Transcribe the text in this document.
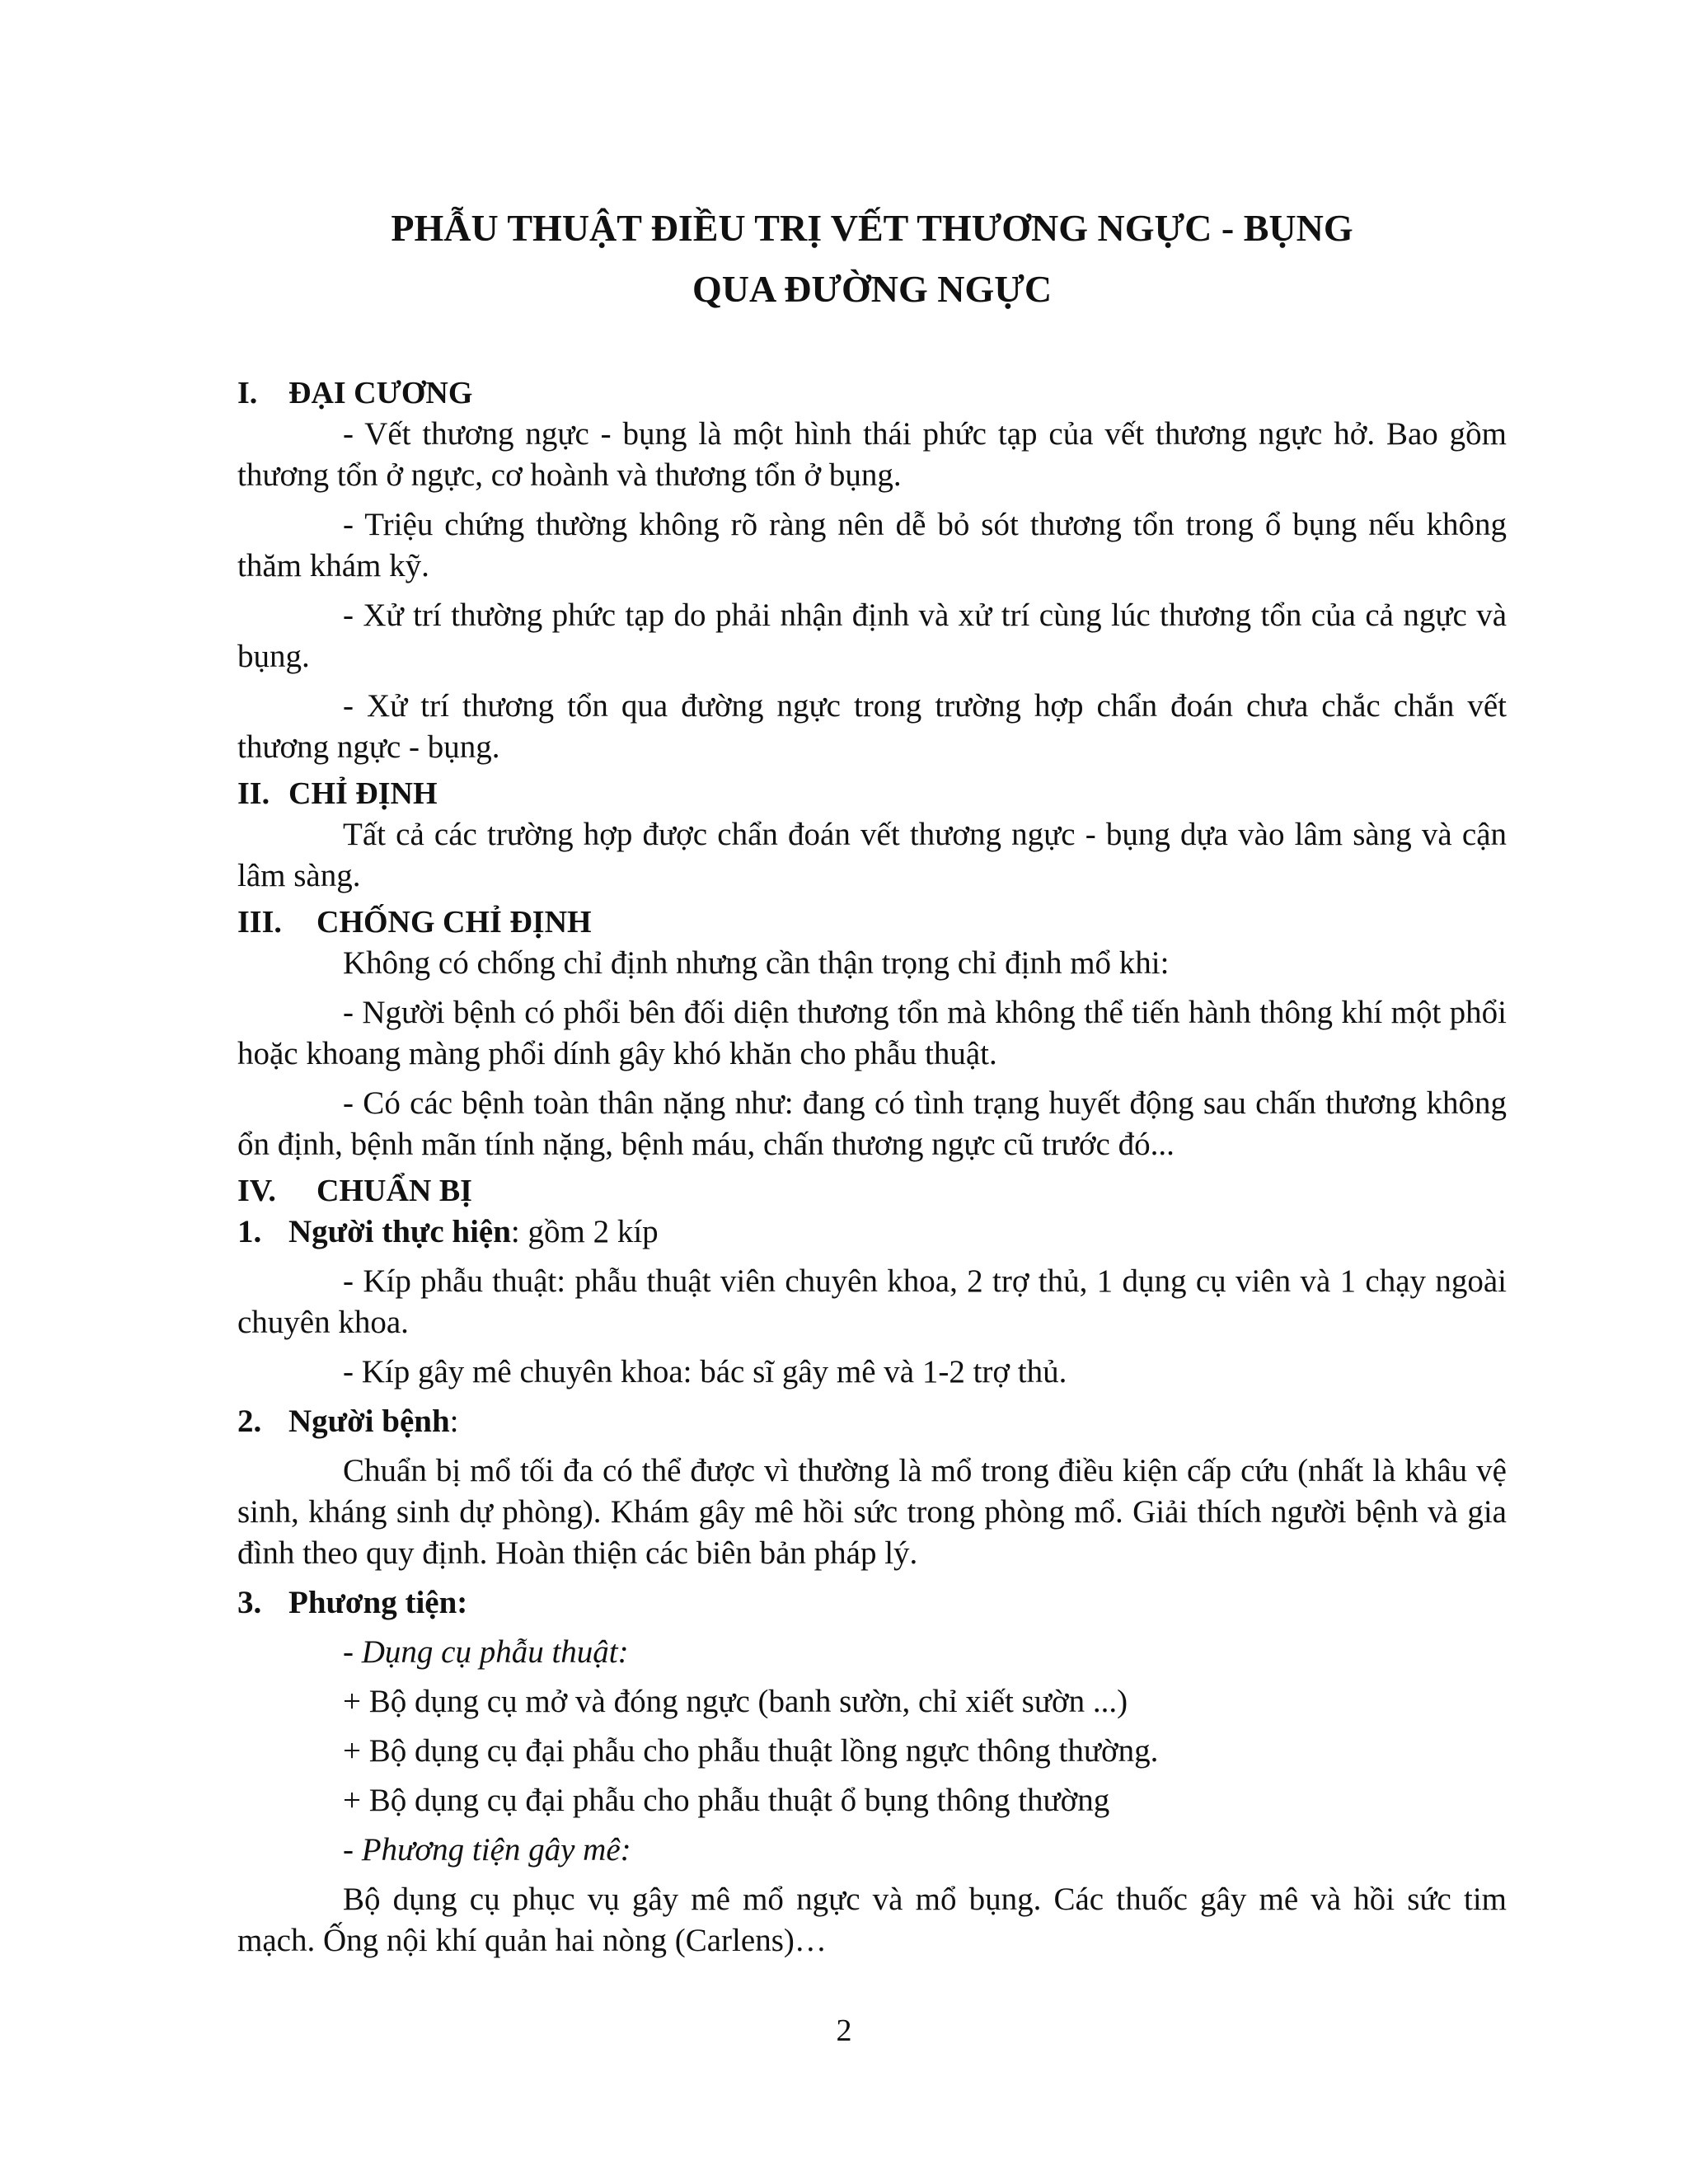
PHẪU THUẬT ĐIỀU TRỊ VẾT THƯƠNG NGỰC - BỤNG
QUA ĐƯỜNG NGỰC
I. ĐẠI CƯƠNG

- Vết thương ngực - bụng là một hình thái phức tạp của vết thương ngực hở. Bao gồm thương tổn ở ngực, cơ hoành và thương tổn ở bụng.

- Triệu chứng thường không rõ ràng nên dễ bỏ sót thương tổn trong ổ bụng nếu không thăm khám kỹ.

- Xử trí thường phức tạp do phải nhận định và xử trí cùng lúc thương tổn của cả ngực và bụng.

- Xử trí thương tổn qua đường ngực trong trường hợp chẩn đoán chưa chắc chắn vết thương ngực - bụng.

II. CHỈ ĐỊNH

Tất cả các trường hợp được chẩn đoán vết thương ngực - bụng dựa vào lâm sàng và cận lâm sàng.

III.	CHỐNG CHỈ ĐỊNH

Không có chống chỉ định nhưng cần thận trọng chỉ định mổ khi:

- Người bệnh có phổi bên đối diện thương tổn mà không thể tiến hành thông khí một phổi hoặc khoang màng phổi dính gây khó khăn cho phẫu thuật.

- Có các bệnh toàn thân nặng như: đang có tình trạng huyết động sau chấn thương không ổn định, bệnh mãn tính nặng, bệnh máu, chấn thương ngực cũ trước đó...

IV.	CHUẨN BỊ
1. Người thực hiện: gồm 2 kíp

- Kíp phẫu thuật: phẫu thuật viên chuyên khoa, 2 trợ thủ, 1 dụng cụ viên và 1 chạy ngoài chuyên khoa.

- Kíp gây mê chuyên khoa: bác sĩ gây mê và 1-2 trợ thủ.

2. Người bệnh:

Chuẩn bị mổ tối đa có thể được vì thường là mổ trong điều kiện cấp cứu (nhất là khâu vệ sinh, kháng sinh dự phòng). Khám gây mê hồi sức trong phòng mổ. Giải thích người bệnh và gia đình theo quy định. Hoàn thiện các biên bản pháp lý.

3. Phương tiện:

- Dụng cụ phẫu thuật:

+ Bộ dụng cụ mở và đóng ngực (banh sườn, chỉ xiết sườn ...)

+ Bộ dụng cụ đại phẫu cho phẫu thuật lồng ngực thông thường.

+ Bộ dụng cụ đại phẫu cho phẫu thuật ổ bụng thông thường

- Phương tiện gây mê:

Bộ dụng cụ phục vụ gây mê mổ ngực và mổ bụng. Các thuốc gây mê và hồi sức tim mạch. Ống nội khí quản hai nòng (Carlens)…

2
